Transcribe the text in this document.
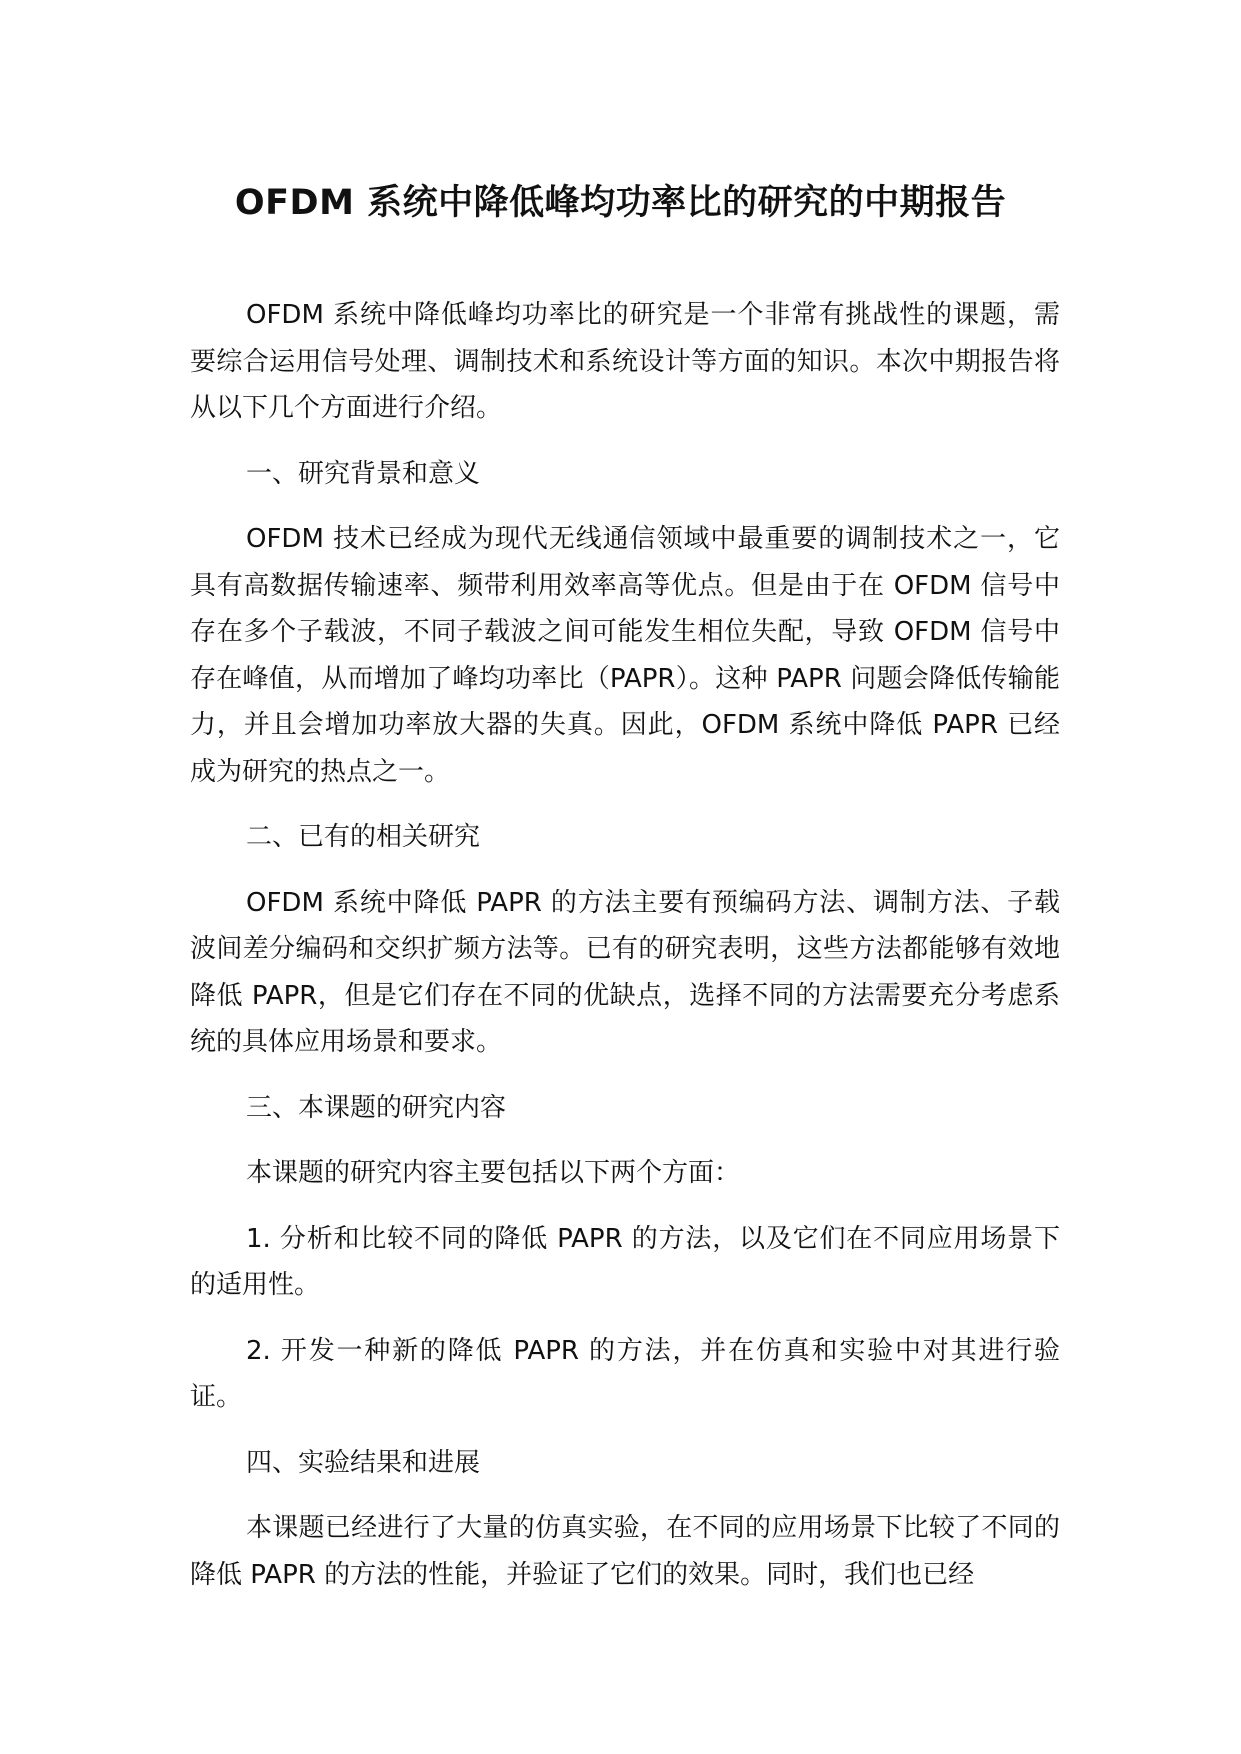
OFDM 系统中降低峰均功率比的研究的中期报告

OFDM 系统中降低峰均功率比的研究是一个非常有挑战性的课题，需要综合运用信号处理、调制技术和系统设计等方面的知识。本次中期报告将从以下几个方面进行介绍。

一、研究背景和意义

OFDM 技术已经成为现代无线通信领域中最重要的调制技术之一，它具有高数据传输速率、频带利用效率高等优点。但是由于在 OFDM 信号中存在多个子载波，不同子载波之间可能发生相位失配，导致 OFDM 信号中存在峰值，从而增加了峰均功率比（PAPR）。这种 PAPR 问题会降低传输能力，并且会增加功率放大器的失真。因此，OFDM 系统中降低 PAPR 已经成为研究的热点之一。

二、已有的相关研究

OFDM 系统中降低 PAPR 的方法主要有预编码方法、调制方法、子载波间差分编码和交织扩频方法等。已有的研究表明，这些方法都能够有效地降低 PAPR，但是它们存在不同的优缺点，选择不同的方法需要充分考虑系统的具体应用场景和要求。

三、本课题的研究内容

本课题的研究内容主要包括以下两个方面：

1. 分析和比较不同的降低 PAPR 的方法，以及它们在不同应用场景下的适用性。

2. 开发一种新的降低 PAPR 的方法，并在仿真和实验中对其进行验证。

四、实验结果和进展

本课题已经进行了大量的仿真实验，在不同的应用场景下比较了不同的降低 PAPR 的方法的性能，并验证了它们的效果。同时，我们也已经
